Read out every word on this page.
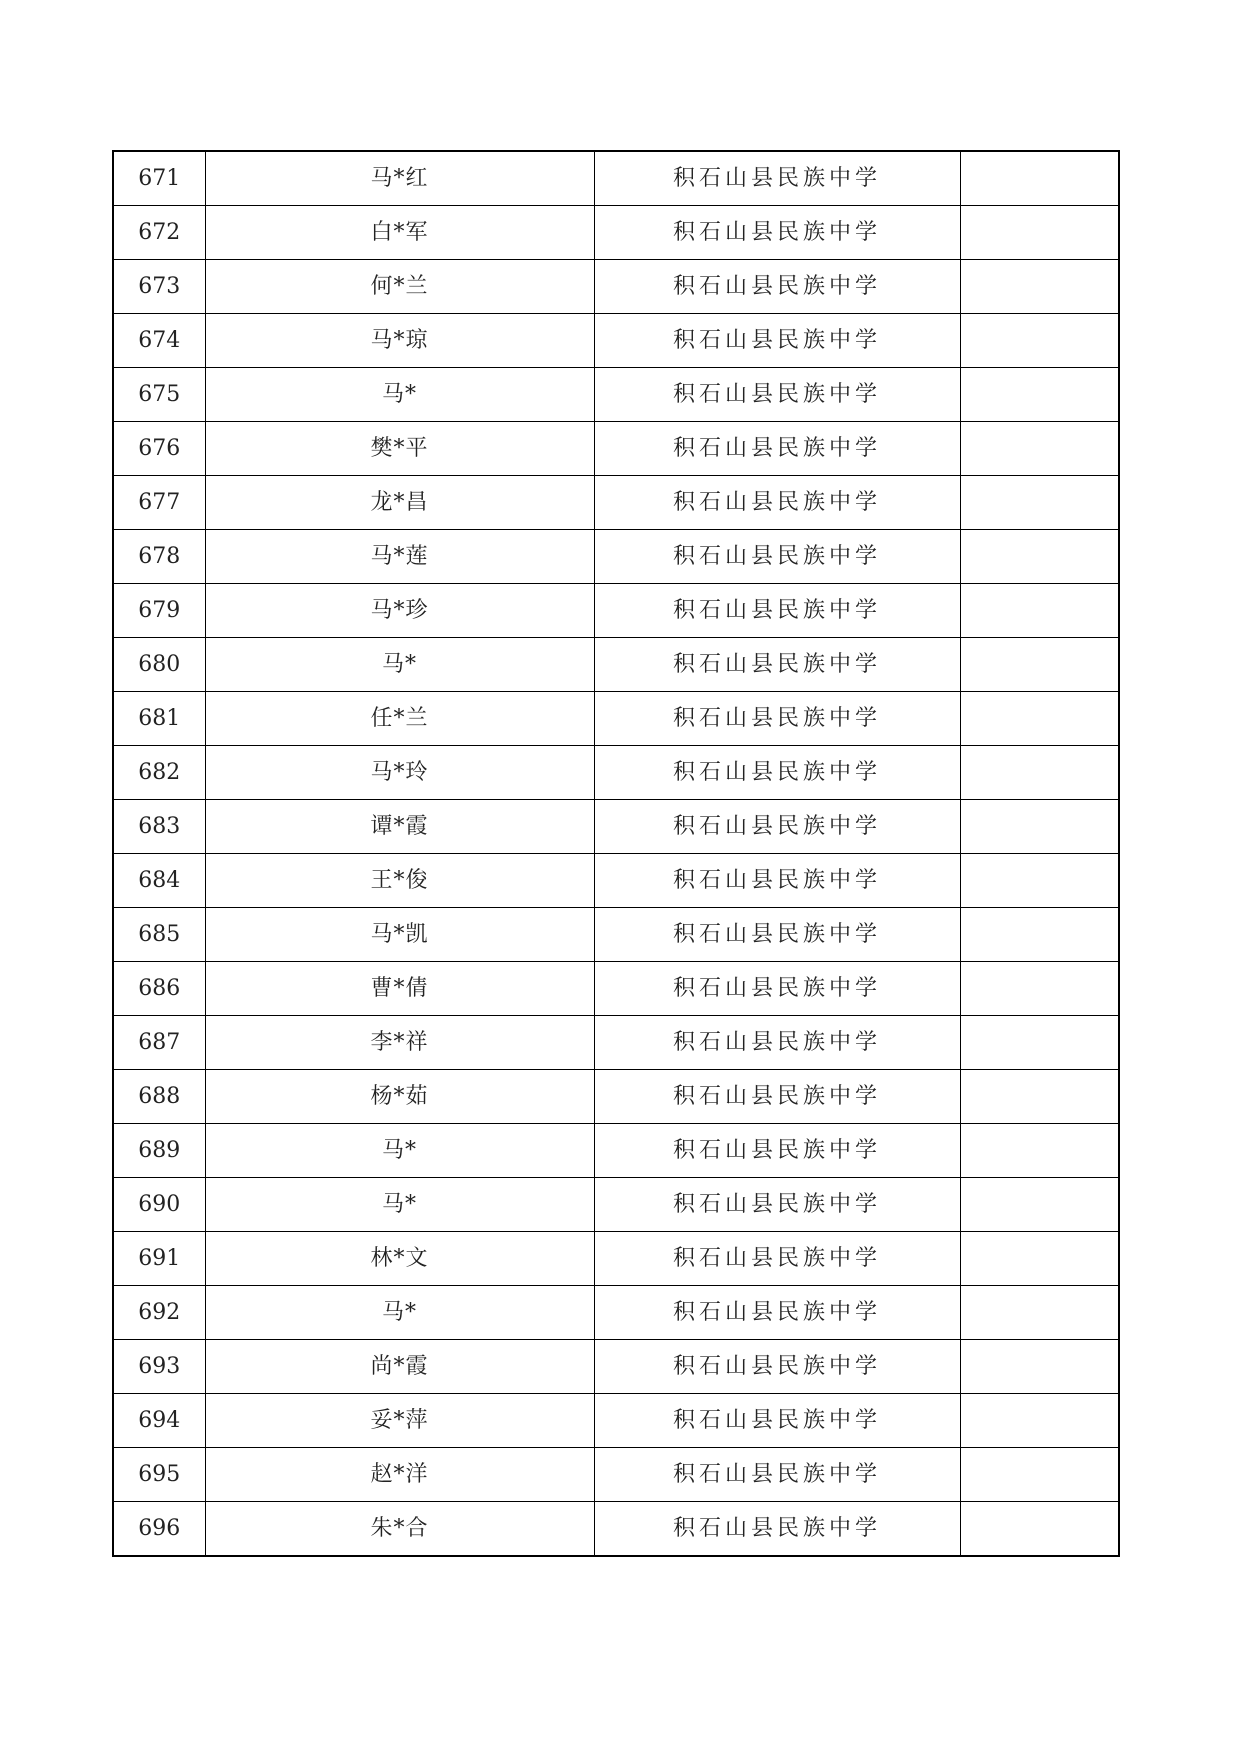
671	马*红	积石山县民族中学	
672	白*军	积石山县民族中学	
673	何*兰	积石山县民族中学	
674	马*琼	积石山县民族中学	
675	马*	积石山县民族中学	
676	樊*平	积石山县民族中学	
677	龙*昌	积石山县民族中学	
678	马*莲	积石山县民族中学	
679	马*珍	积石山县民族中学	
680	马*	积石山县民族中学	
681	任*兰	积石山县民族中学	
682	马*玲	积石山县民族中学	
683	谭*霞	积石山县民族中学	
684	王*俊	积石山县民族中学	
685	马*凯	积石山县民族中学	
686	曹*倩	积石山县民族中学	
687	李*祥	积石山县民族中学	
688	杨*茹	积石山县民族中学	
689	马*	积石山县民族中学	
690	马*	积石山县民族中学	
691	林*文	积石山县民族中学	
692	马*	积石山县民族中学	
693	尚*霞	积石山县民族中学	
694	妥*萍	积石山县民族中学	
695	赵*洋	积石山县民族中学	
696	朱*合	积石山县民族中学	
